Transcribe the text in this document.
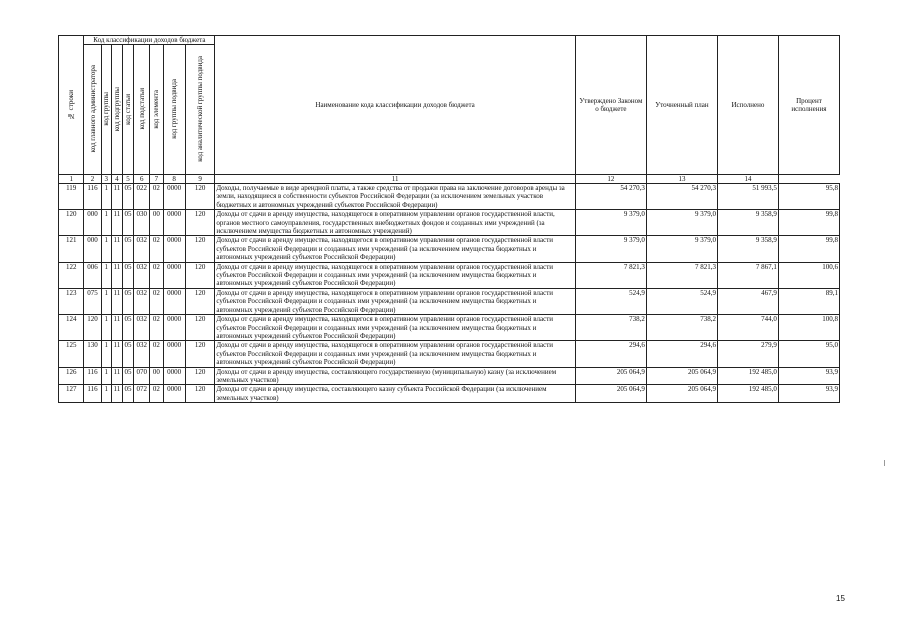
№ строки	Код классификации доходов бюджета								Наименование кода классификации доходов бюджета	Утверждено Законом о бюджете	Уточненный план	Исполнено	Процент исполнения

	код главного администратора	код группы	код подгруппы	код статьи	код подстатьи	код элемента	код группы подвида	код аналитической группы подвида					

1	2	3	4	5	6	7	8	9	11	12	13	14	
119	116	1	11	05	022	02	0000	120	Доходы, получаемые в виде арендной платы, а также средства от продажи права на заключение договоров аренды за земли, находящиеся в собственности субъектов Российской Федерации (за исключением земельных участков бюджетных и автономных учреждений субъектов Российской Федерации)	54 270,3	54 270,3	51 993,5	95,8
120	000	1	11	05	030	00	0000	120	Доходы от сдачи в аренду имущества, находящегося в оперативном управлении органов государственной власти, органов местного самоуправления, государственных внебюджетных фондов и созданных ими учреждений (за исключением имущества бюджетных и автономных учреждений)	9 379,0	9 379,0	9 358,9	99,8
121	000	1	11	05	032	02	0000	120	Доходы от сдачи в аренду имущества, находящегося в оперативном управлении органов государственной власти субъектов Российской Федерации и созданных ими учреждений (за исключением имущества бюджетных и автономных учреждений субъектов Российской Федерации)	9 379,0	9 379,0	9 358,9	99,8
122	006	1	11	05	032	02	0000	120	Доходы от сдачи в аренду имущества, находящегося в оперативном управлении органов государственной власти субъектов Российской Федерации и созданных ими учреждений (за исключением имущества бюджетных и автономных учреждений субъектов Российской Федерации)	7 821,3	7 821,3	7 867,1	100,6
123	075	1	11	05	032	02	0000	120	Доходы от сдачи в аренду имущества, находящегося в оперативном управлении органов государственной власти субъектов Российской Федерации и созданных ими учреждений (за исключением имущества бюджетных и автономных учреждений субъектов Российской Федерации)	524,9	524,9	467,9	89,1
124	120	1	11	05	032	02	0000	120	Доходы от сдачи в аренду имущества, находящегося в оперативном управлении органов государственной власти субъектов Российской Федерации и созданных ими учреждений (за исключением имущества бюджетных и автономных учреждений субъектов Российской Федерации)	738,2	738,2	744,0	100,8
125	130	1	11	05	032	02	0000	120	Доходы от сдачи в аренду имущества, находящегося в оперативном управлении органов государственной власти субъектов Российской Федерации и созданных ими учреждений (за исключением имущества бюджетных и автономных учреждений субъектов Российской Федерации)	294,6	294,6	279,9	95,0
126	116	1	11	05	070	00	0000	120	Доходы от сдачи в аренду имущества, составляющего государственную (муниципальную) казну (за исключением земельных участков)	205 064,9	205 064,9	192 485,0	93,9
127	116	1	11	05	072	02	0000	120	Доходы от сдачи в аренду имущества, составляющего казну субъекта Российской Федерации (за исключением земельных участков)	205 064,9	205 064,9	192 485,0	93,9
15
